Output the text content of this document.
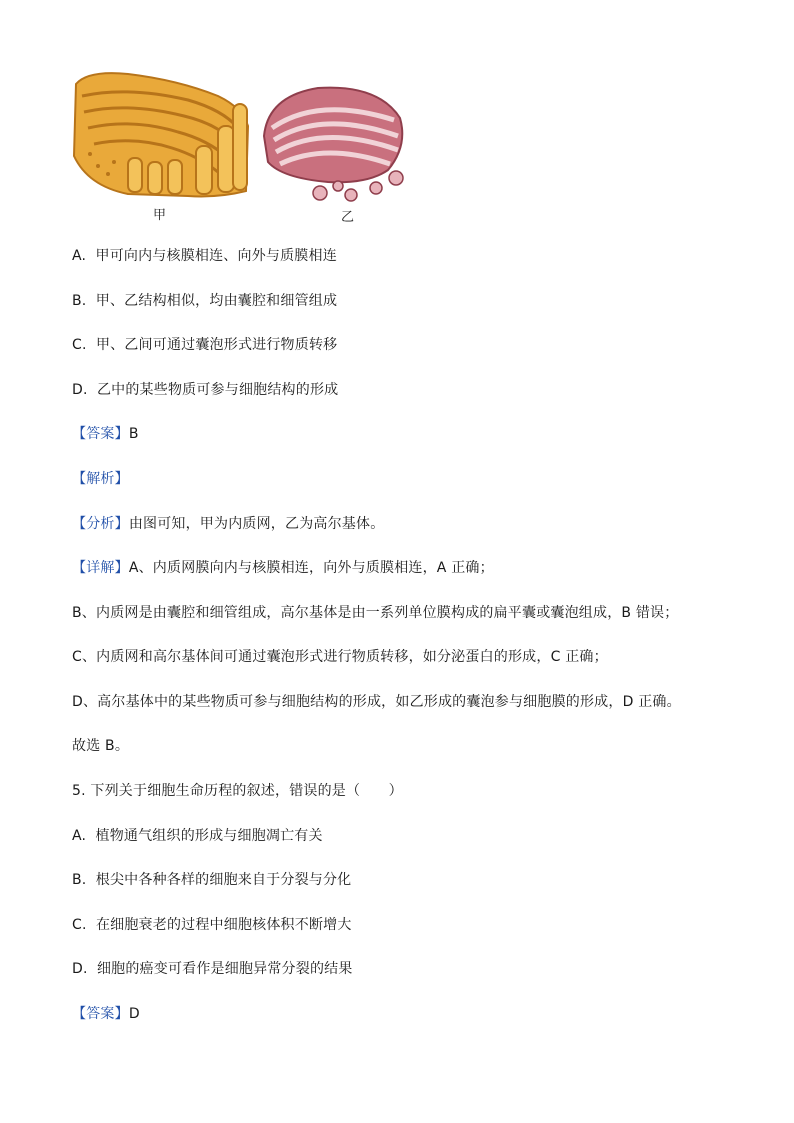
甲	乙
A. 甲可向内与核膜相连、向外与质膜相连
B. 甲、乙结构相似，均由囊腔和细管组成
C. 甲、乙间可通过囊泡形式进行物质转移
D. 乙中的某些物质可参与细胞结构的形成
【答案】B
【解析】
【分析】由图可知，甲为内质网，乙为高尔基体。
【详解】A、内质网膜向内与核膜相连，向外与质膜相连，A 正确；
B、内质网是由囊腔和细管组成，高尔基体是由一系列单位膜构成的扁平囊或囊泡组成，B 错误；
C、内质网和高尔基体间可通过囊泡形式进行物质转移，如分泌蛋白的形成，C 正确；
D、高尔基体中的某些物质可参与细胞结构的形成，如乙形成的囊泡参与细胞膜的形成，D 正确。
故选 B。
5. 下列关于细胞生命历程的叙述，错误的是（　　）
A. 植物通气组织的形成与细胞凋亡有关
B. 根尖中各种各样的细胞来自于分裂与分化
C. 在细胞衰老的过程中细胞核体积不断增大
D. 细胞的癌变可看作是细胞异常分裂的结果
【答案】D
